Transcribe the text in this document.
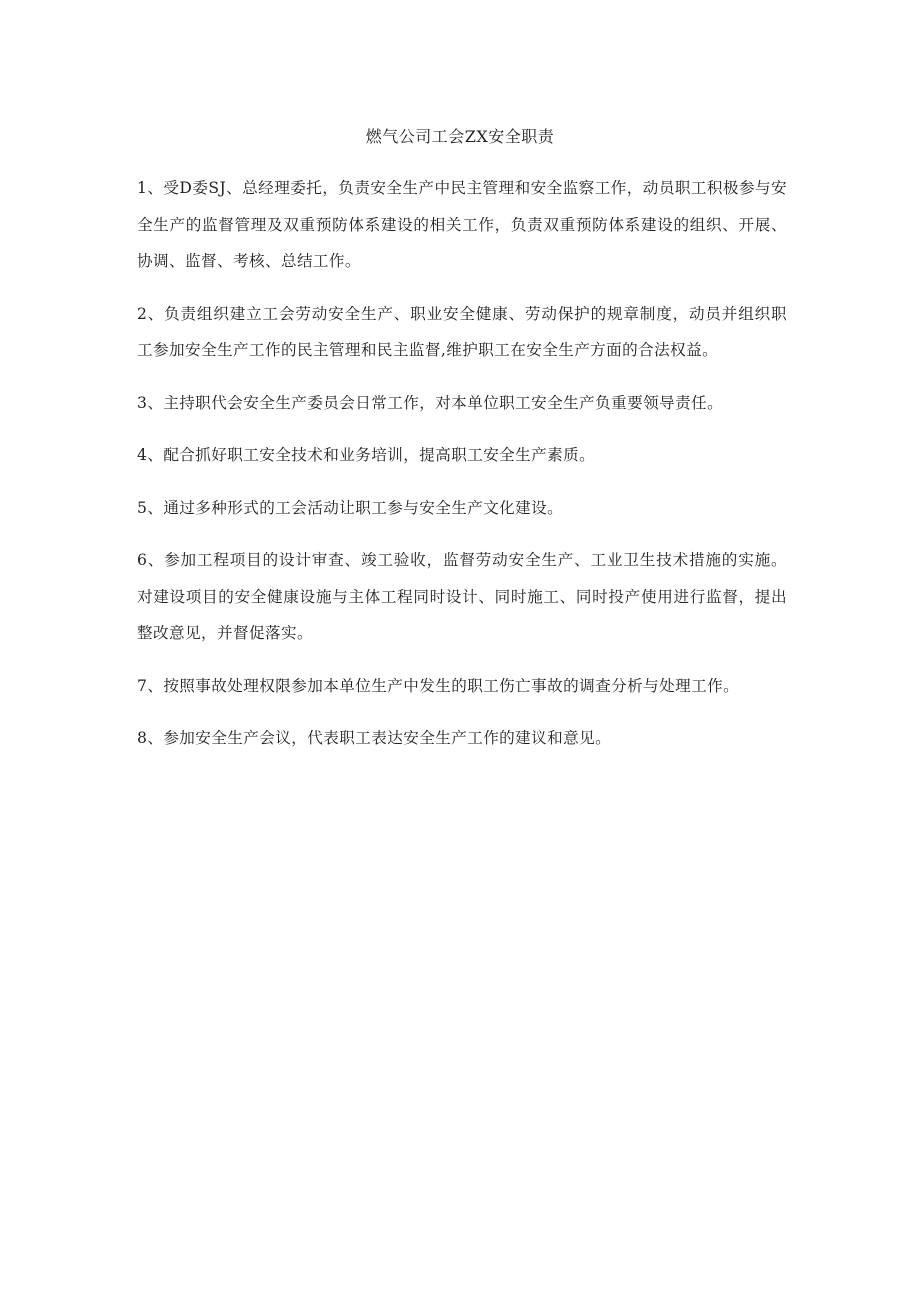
燃气公司工会ZX安全职责

1、受D委SJ、总经理委托，负责安全生产中民主管理和安全监察工作，动员职工积极参与安全生产的监督管理及双重预防体系建设的相关工作，负责双重预防体系建设的组织、开展、协调、监督、考核、总结工作。

2、负责组织建立工会劳动安全生产、职业安全健康、劳动保护的规章制度，动员并组织职工参加安全生产工作的民主管理和民主监督,维护职工在安全生产方面的合法权益。

3、主持职代会安全生产委员会日常工作，对本单位职工安全生产负重要领导责任。

4、配合抓好职工安全技术和业务培训，提高职工安全生产素质。

5、通过多种形式的工会活动让职工参与安全生产文化建设。

6、参加工程项目的设计审查、竣工验收，监督劳动安全生产、工业卫生技术措施的实施。对建设项目的安全健康设施与主体工程同时设计、同时施工、同时投产使用进行监督，提出整改意见，并督促落实。

7、按照事故处理权限参加本单位生产中发生的职工伤亡事故的调查分析与处理工作。

8、参加安全生产会议，代表职工表达安全生产工作的建议和意见。
